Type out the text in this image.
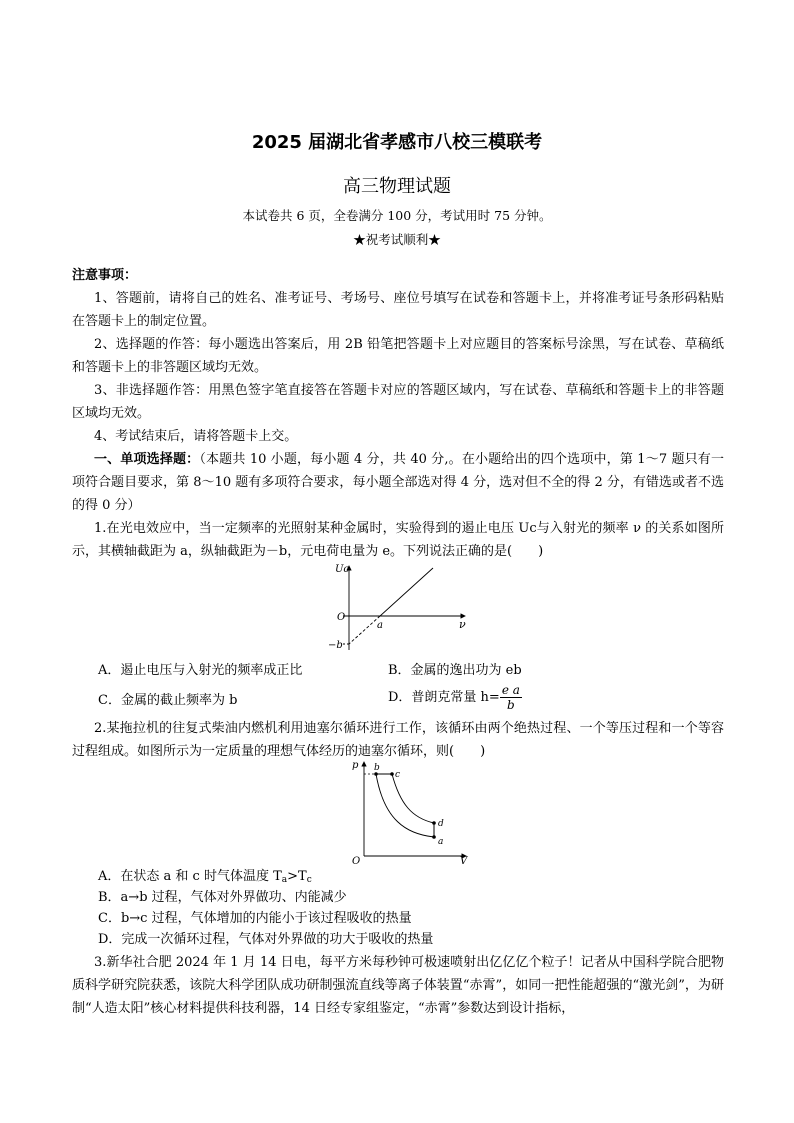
2025 届湖北省孝感市八校三模联考
高三物理试题
本试卷共 6 页，全卷满分 100 分，考试用时 75 分钟。
★祝考试顺利★
注意事项：
1、答题前，请将自己的姓名、准考证号、考场号、座位号填写在试卷和答题卡上，并将准考证号条形码粘贴在答题卡上的制定位置。
2、选择题的作答：每小题选出答案后，用 2B 铅笔把答题卡上对应题目的答案标号涂黑，写在试卷、草稿纸和答题卡上的非答题区域均无效。
3、非选择题作答：用黑色签字笔直接答在答题卡对应的答题区域内，写在试卷、草稿纸和答题卡上的非答题区域均无效。
4、考试结束后，请将答题卡上交。
一、单项选择题：（本题共 10 小题，每小题 4 分，共 40 分,。在小题给出的四个选项中，第 1～7 题只有一项符合题目要求，第 8～10 题有多项符合要求，每小题全部选对得 4 分，选对但不全的得 2 分，有错选或者不选的得 0 分）
1.在光电效应中，当一定频率的光照射某种金属时，实验得到的遏止电压 Uc与入射光的频率 ν 的关系如图所示，其横轴截距为 a，纵轴截距为－b，元电荷电量为 e。下列说法正确的是(　　)
Uc
ν
O
a
−b
A．遏止电压与入射光的频率成正比	B．金属的逸出功为 eb
C．金属的截止频率为 b	D．普朗克常量 $h= \frac{\text{e a}}{b}$
2.某拖拉机的往复式柴油内燃机利用迪塞尔循环进行工作，该循环由两个绝热过程、一个等压过程和一个等容过程组成。如图所示为一定质量的理想气体经历的迪塞尔循环，则(　　)
p
V
O
b
c
d
a
A．在状态 a 和 c 时气体温度 $T_a>T_c$
B．a→b 过程，气体对外界做功、内能减少
C．b→c 过程，气体增加的内能小于该过程吸收的热量
D．完成一次循环过程，气体对外界做的功大于吸收的热量
3.新华社合肥 2024 年 1 月 14 日电，每平方米每秒钟可极速喷射出亿亿亿个粒子！记者从中国科学院合肥物质科学研究院获悉，该院大科学团队成功研制强流直线等离子体装置“赤霄”，如同一把性能超强的“激光剑”，为研制“人造太阳”核心材料提供科技利器，14 日经专家组鉴定，“赤霄”参数达到设计指标，
